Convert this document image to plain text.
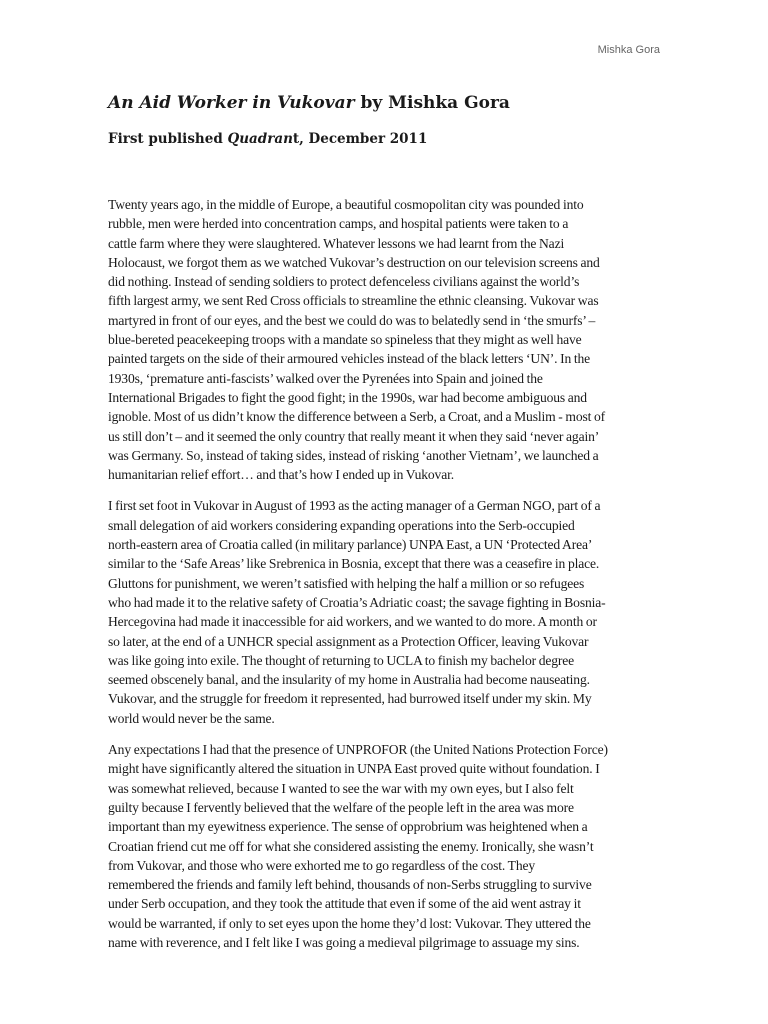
Mishka Gora
An Aid Worker in Vukovar by Mishka Gora
First published Quadrant, December 2011

Twenty years ago, in the middle of Europe, a beautiful cosmopolitan city was pounded into
rubble, men were herded into concentration camps, and hospital patients were taken to a
cattle farm where they were slaughtered. Whatever lessons we had learnt from the Nazi
Holocaust, we forgot them as we watched Vukovar’s destruction on our television screens and
did nothing. Instead of sending soldiers to protect defenceless civilians against the world’s
fifth largest army, we sent Red Cross officials to streamline the ethnic cleansing. Vukovar was
martyred in front of our eyes, and the best we could do was to belatedly send in ‘the smurfs’ –
blue-bereted peacekeeping troops with a mandate so spineless that they might as well have
painted targets on the side of their armoured vehicles instead of the black letters ‘UN’. In the
1930s, ‘premature anti-fascists’ walked over the Pyrenées into Spain and joined the
International Brigades to fight the good fight; in the 1990s, war had become ambiguous and
ignoble. Most of us didn’t know the difference between a Serb, a Croat, and a Muslim - most of
us still don’t – and it seemed the only country that really meant it when they said ‘never again’
was Germany. So, instead of taking sides, instead of risking ‘another Vietnam’, we launched a
humanitarian relief effort… and that’s how I ended up in Vukovar.

I first set foot in Vukovar in August of 1993 as the acting manager of a German NGO, part of a
small delegation of aid workers considering expanding operations into the Serb-occupied
north-eastern area of Croatia called (in military parlance) UNPA East, a UN ‘Protected Area’
similar to the ‘Safe Areas’ like Srebrenica in Bosnia, except that there was a ceasefire in place.
Gluttons for punishment, we weren’t satisfied with helping the half a million or so refugees
who had made it to the relative safety of Croatia’s Adriatic coast; the savage fighting in Bosnia-
Hercegovina had made it inaccessible for aid workers, and we wanted to do more. A month or
so later, at the end of a UNHCR special assignment as a Protection Officer, leaving Vukovar
was like going into exile. The thought of returning to UCLA to finish my bachelor degree
seemed obscenely banal, and the insularity of my home in Australia had become nauseating.
Vukovar, and the struggle for freedom it represented, had burrowed itself under my skin. My
world would never be the same.

Any expectations I had that the presence of UNPROFOR (the United Nations Protection Force)
might have significantly altered the situation in UNPA East proved quite without foundation. I
was somewhat relieved, because I wanted to see the war with my own eyes, but I also felt
guilty because I fervently believed that the welfare of the people left in the area was more
important than my eyewitness experience. The sense of opprobrium was heightened when a
Croatian friend cut me off for what she considered assisting the enemy. Ironically, she wasn’t
from Vukovar, and those who were exhorted me to go regardless of the cost. They
remembered the friends and family left behind, thousands of non-Serbs struggling to survive
under Serb occupation, and they took the attitude that even if some of the aid went astray it
would be warranted, if only to set eyes upon the home they’d lost: Vukovar. They uttered the
name with reverence, and I felt like I was going a medieval pilgrimage to assuage my sins.
